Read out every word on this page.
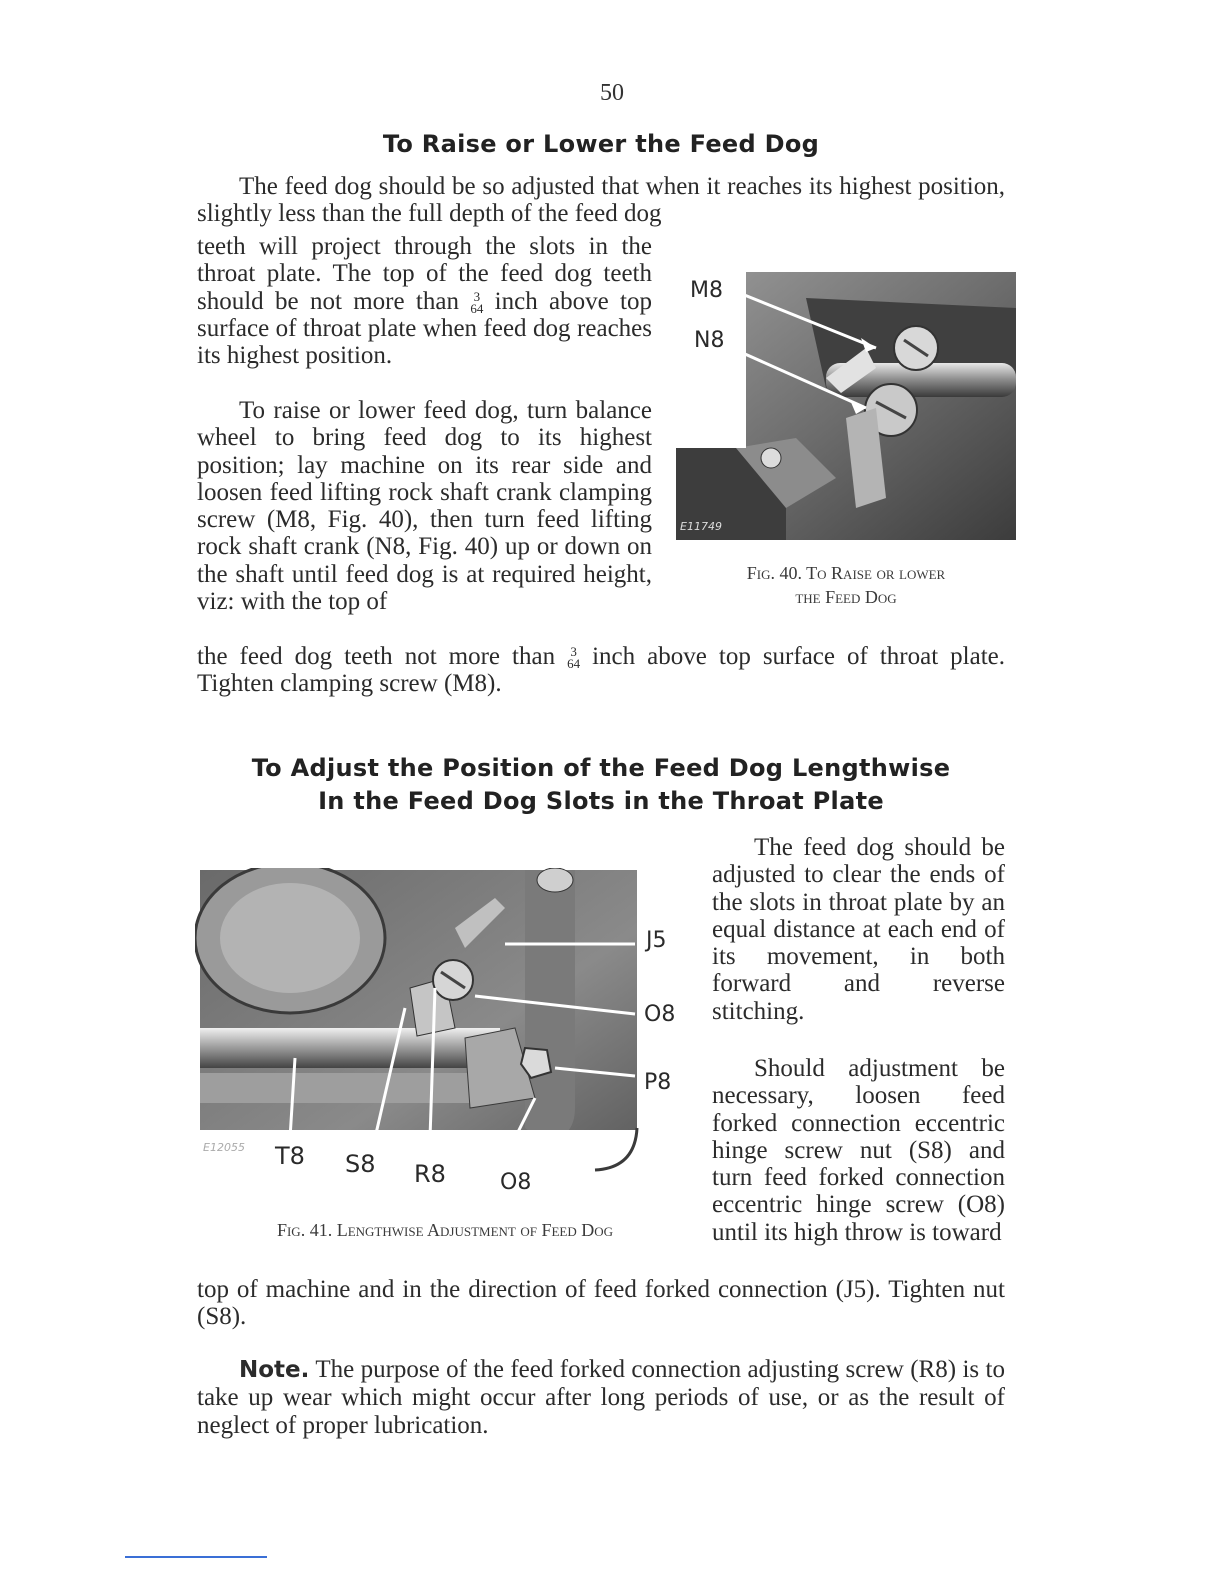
50
To Raise or Lower the Feed Dog

The feed dog should be so adjusted that when it reaches its highest position, slightly less than the full depth of the feed dog

teeth will project through the slots in the throat plate. The top of the feed dog teeth should be not more than 3
64 inch above top surface of throat plate when feed dog reaches its highest position.

To raise or lower feed dog, turn balance wheel to bring feed dog to its highest position; lay machine on its rear side and loosen feed lifting rock shaft crank clamping screw (M8, Fig. 40), then turn feed lifting rock shaft crank (N8, Fig. 40) up or down on the shaft until feed dog is at required height, viz: with the top of

the feed dog teeth not more than 3
64 inch above top surface of throat plate. Tighten clamping screw (M8).

E11749
M8
N8
Fig. 40. To Raise or lower
the Feed Dog
To Adjust the Position of the Feed Dog Lengthwise
In the Feed Dog Slots in the Throat Plate

The feed dog should be adjusted to clear the ends of the slots in throat plate by an equal distance at each end of its movement, in both forward and reverse stitching.

Should adjustment be necessary, loosen feed forked connection eccentric hinge screw nut (S8) and turn feed forked connection eccentric hinge screw (O8) until its high throw is toward

top of machine and in the direction of feed forked connection (J5). Tighten nut (S8).

E12055
J5
O8
P8
T8 S8 R8 O8
Fig. 41. Lengthwise Adjustment of Feed Dog

Note. The purpose of the feed forked connection adjusting screw (R8) is to take up wear which might occur after long periods of use, or as the result of neglect of proper lubrication.
